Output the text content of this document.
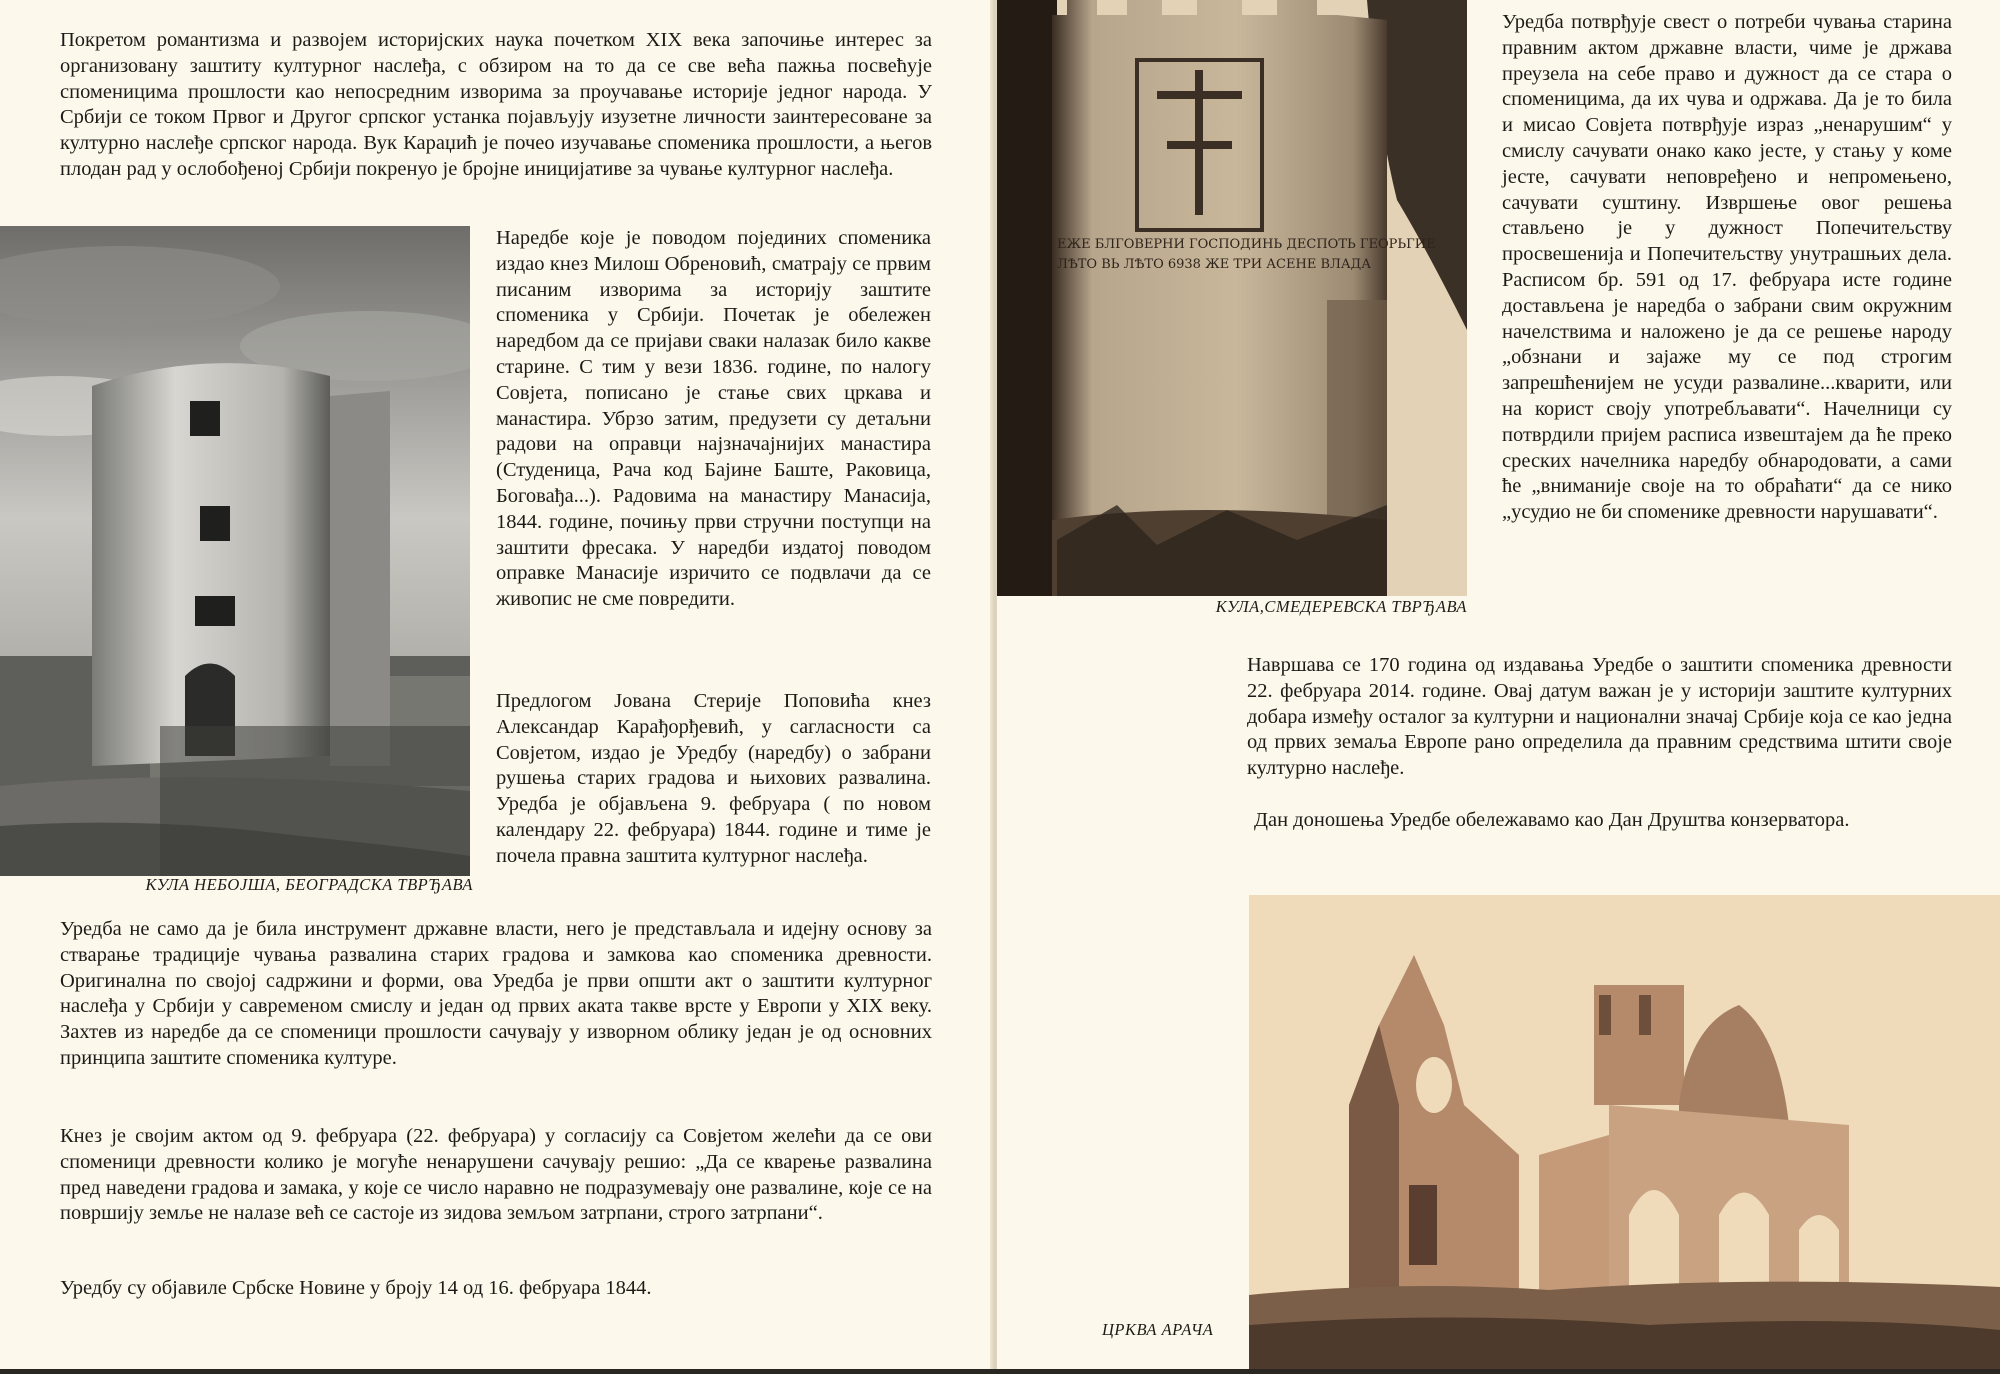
Покретом романтизма и развојем историјских наука почетком XIX века започиње интерес за организовану заштиту културног наслеђа, с обзиром на то да се све већа пажња посвећује споменицима прошлости као непосредним изворима за проучавање историје једног народа. У Србији се током Првог и Другог српског устанка појављују изузетне личности заинтересоване за културно наслеђе српског народа. Вук Караџић је почео изучавање споменика прошлости, а његов плодан рад у ослобођеној Србији покренуо је бројне иницијативе за чување културног наслеђа.

КУЛА НЕБОЈША, БЕОГРАДСКА ТВРЂАВА

Наредбе које је поводом појединих споменика издао кнез Милош Обреновић, сматрају се првим писаним изворима за историју заштите споменика у Србији. Почетак је обележен наредбом да се пријави сваки налазак било какве старине. С тим у вези 1836. године, по налогу Совјета, пописано је стање свих цркава и манастира. Убрзо затим, предузети су детаљни радови на оправци најзначајнијих манастира (Студеница, Рача код Бајине Баште, Раковица, Боговађа...). Радовима на манастиру Манасија, 1844. године, почињу први стручни поступци на заштити фресака. У наредби издатој поводом оправке Манасије изричито се подвлачи да се живопис не сме повредити.

Предлогом Јована Стерије Поповића кнез Александар Карађорђевић, у сагласности са Совјетом, издао је Уредбу (наредбу) о забрани рушења старих градова и њихових развалина. Уредба је објављена 9. фебруара ( по новом календару 22. фебруара) 1844. године и тиме је почела правна заштита културног наслеђа.

Уредба не само да је била инструмент државне власти, него је представљала и идејну основу за стварање традиције чувања развалина старих градова и замкова као споменика древности. Оригинална по својој садржини и форми, ова Уредба је први општи акт о заштити културног наслеђа у Србији у савременом смислу и један од првих аката такве врсте у Европи у XIX веку. Захтев из наредбе да се споменици прошлости сачувају у изворном облику један је од основних принципа заштите споменика културе.

Кнез је својим актом од 9. фебруара (22. фебруара) у согласију са Совјетом желећи да се ови споменици древности колико је могуће ненарушени сачувају решио: „Да се кварење развалина пред наведени градова и замака, у које се число наравно не подразумевају оне развалине, које се на површију земље не налазе већ се састоје из зидова земљом затрпани, строго затрпани“.

Уредбу су објавиле Србске Новине у броју 14 од 16. фебруара 1844.

ЕЖЕ БЛГОВЕРНИ ГОСПОДИНЬ ДЕСПОТЬ ГЕОРЬГИЕ
ЛѢТО ВЬ ЛѢТО 6938 ЖЕ ТРИ АСЕНЕ ВЛАДА

КУЛА,СМЕДЕРЕВСКА ТВРЂАВА

Уредба потврђује свест о потреби чувања старина правним актом државне власти, чиме је држава преузела на себе право и дужност да се стара о споменицима, да их чува и одржава. Да је то била и мисао Совјета потврђује израз „ненарушим“ у смислу сачувати онако како јесте, у стању у коме јесте, сачувати неповређено и непромењено, сачувати суштину. Извршење овог решења стављено је у дужност Попечитељству просвешенија и Попечитељству унутрашњих дела. Расписом бр. 591 од 17. фебруара исте године достављена је наредба о забрани свим окружним начелствима и наложено је да се решење народу „обзнани и зајаже му се под строгим запрешћенијем не усуди развалине...кварити, или на корист своју употребљавати“. Начелници су потврдили пријем расписа извештајем да ће преко среских начелника наредбу обнародовати, а сами ће „вниманије своје на то обраћати“ да се нико „усудио не би споменике древности нарушавати“.

Навршава се 170 година од издавања Уредбе о заштити споменика древности 22. фебруара 2014. године. Овај датум важан је у историји заштите културних добара између осталог за културни и национални значај Србије која се као једна од првих земаља Европе рано определила да правним средствима штити своје културно наслеђе.

Дан доношења Уредбе обележавамо као Дан Друштва конзерватора.

ЦРКВА АРАЧА
